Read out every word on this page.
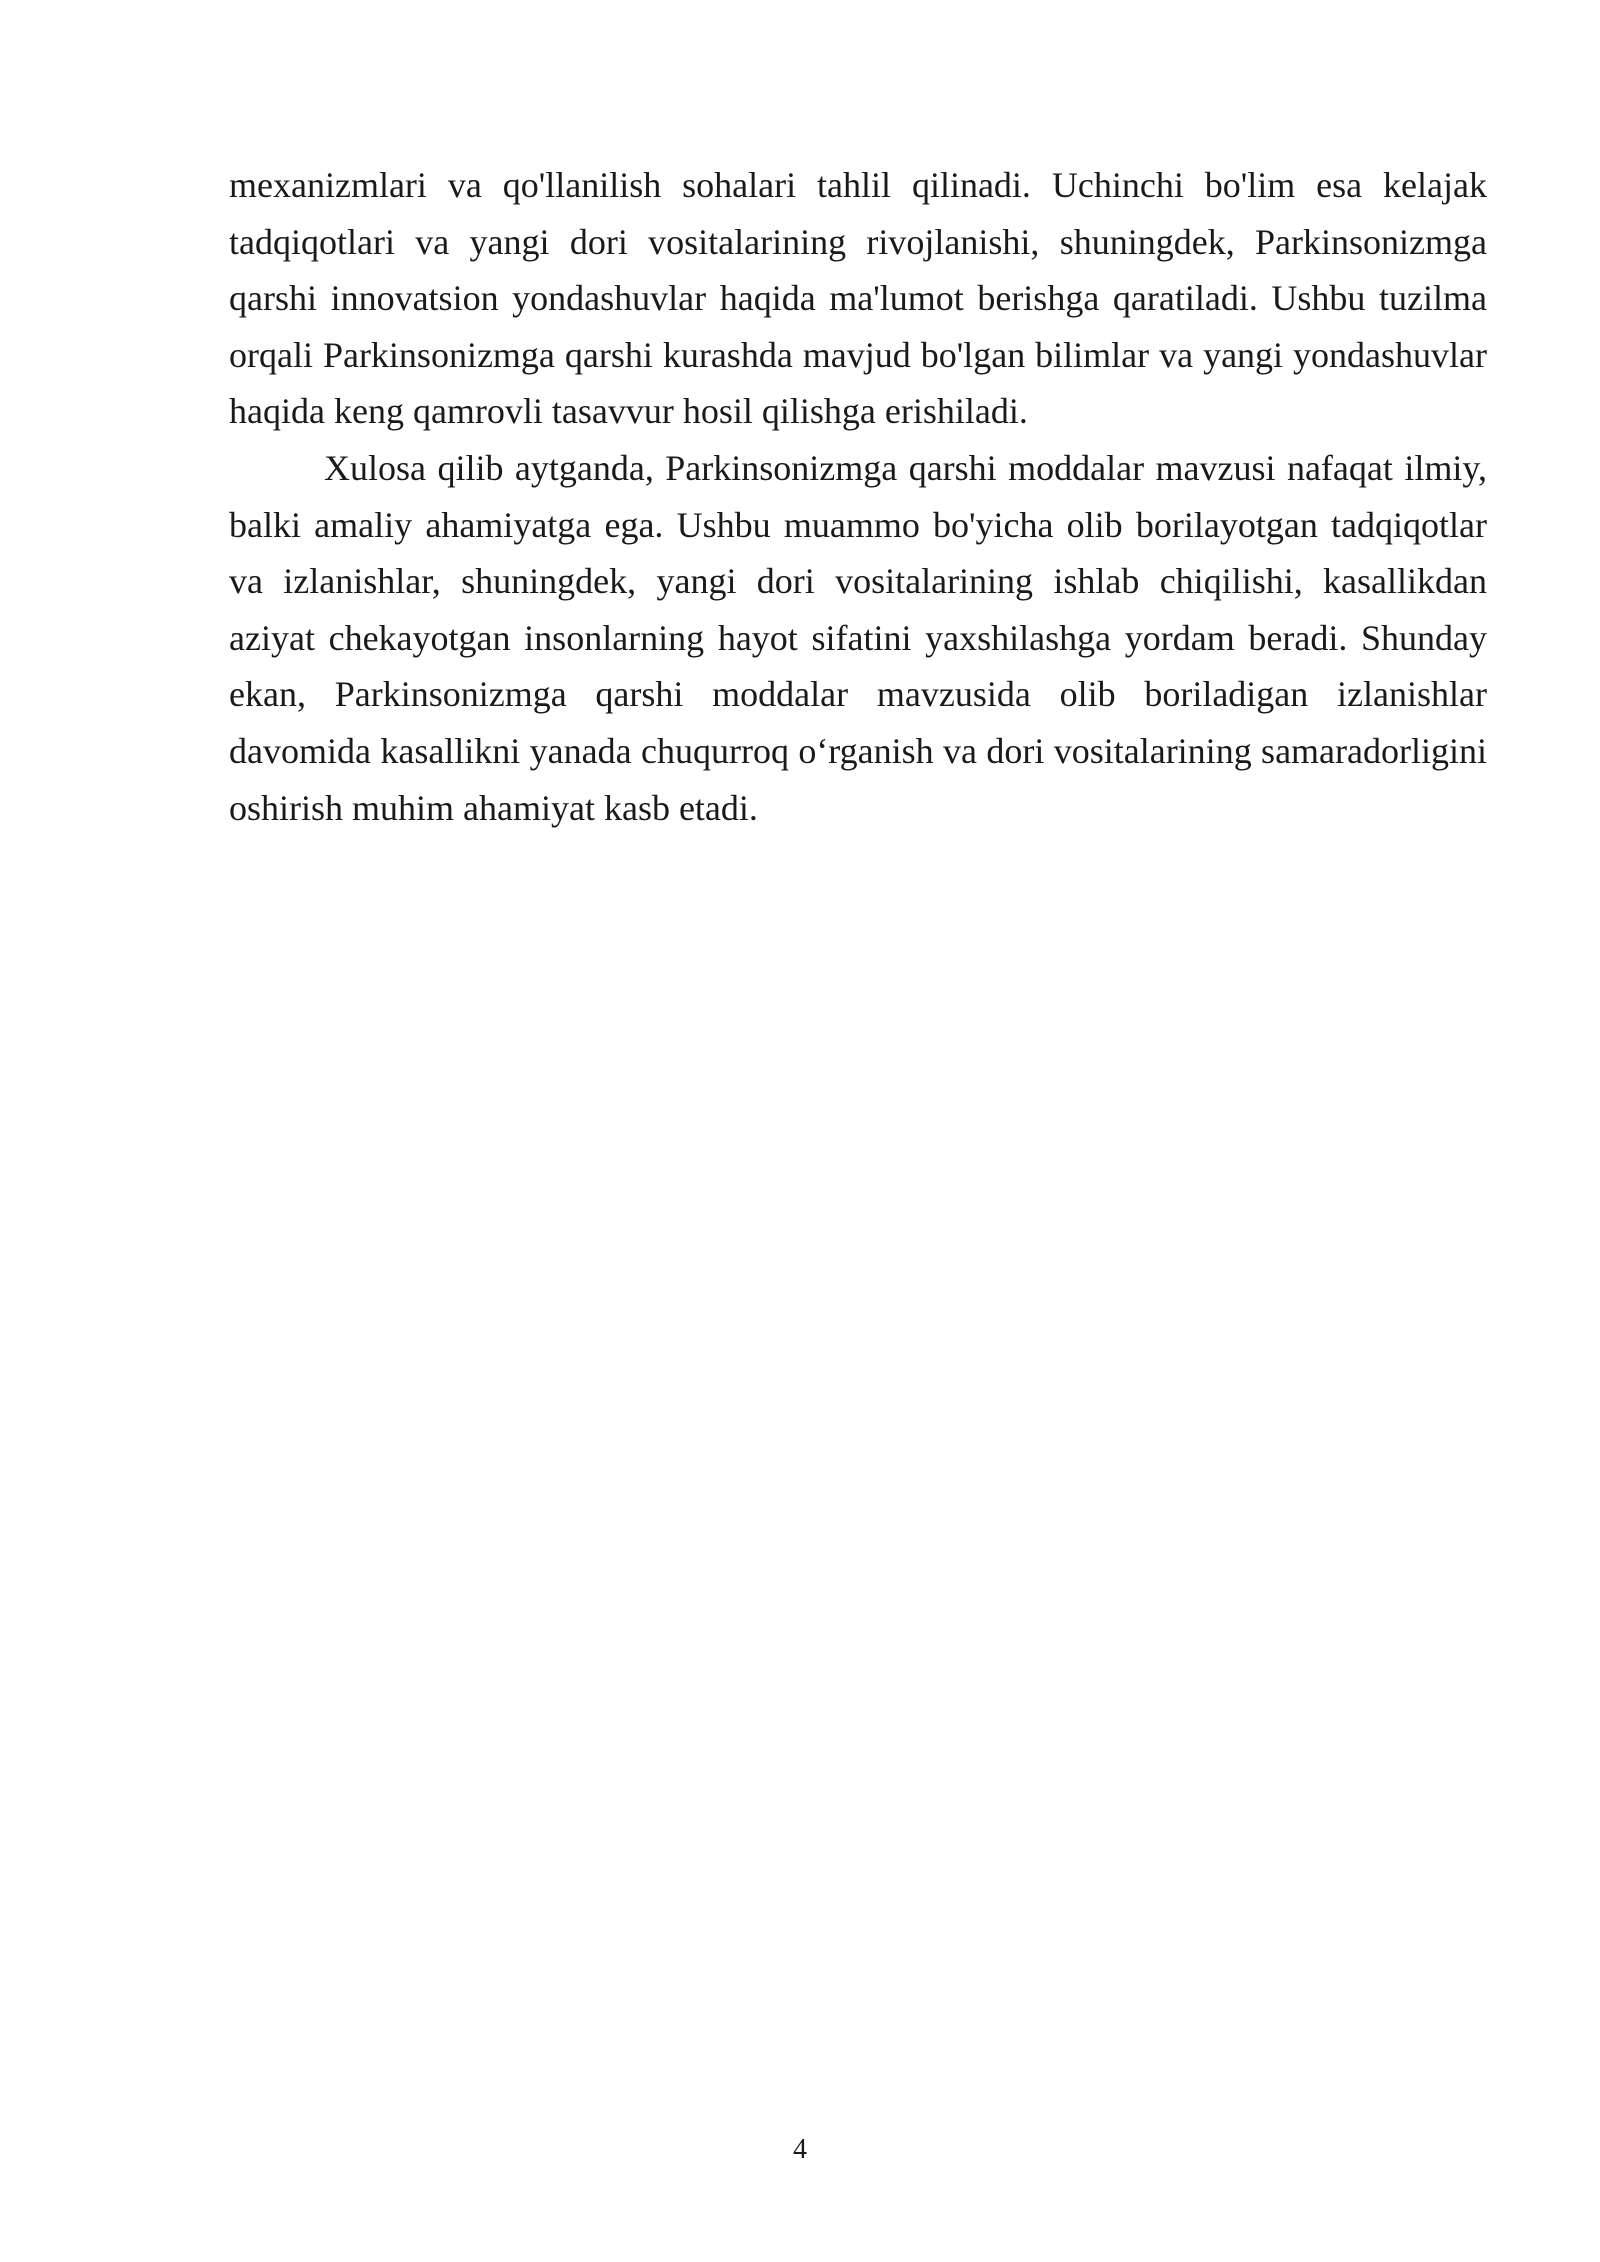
mexanizmlari va qo'llanilish sohalari tahlil qilinadi. Uchinchi bo'lim esa kelajak tadqiqotlari va yangi dori vositalarining rivojlanishi, shuningdek, Parkinsonizmga qarshi innovatsion yondashuvlar haqida ma'lumot berishga qaratiladi. Ushbu tuzilma orqali Parkinsonizmga qarshi kurashda mavjud bo'lgan bilimlar va yangi yondashuvlar haqida keng qamrovli tasavvur hosil qilishga erishiladi.

Xulosa qilib aytganda, Parkinsonizmga qarshi moddalar mavzusi nafaqat ilmiy, balki amaliy ahamiyatga ega. Ushbu muammo bo'yicha olib borilayotgan tadqiqotlar va izlanishlar, shuningdek, yangi dori vositalarining ishlab chiqilishi, kasallikdan aziyat chekayotgan insonlarning hayot sifatini yaxshilashga yordam beradi. Shunday ekan, Parkinsonizmga qarshi moddalar mavzusida olib boriladigan izlanishlar davomida kasallikni yanada chuqurroq o‘rganish va dori vositalarining samaradorligini oshirish muhim ahamiyat kasb etadi.

4
